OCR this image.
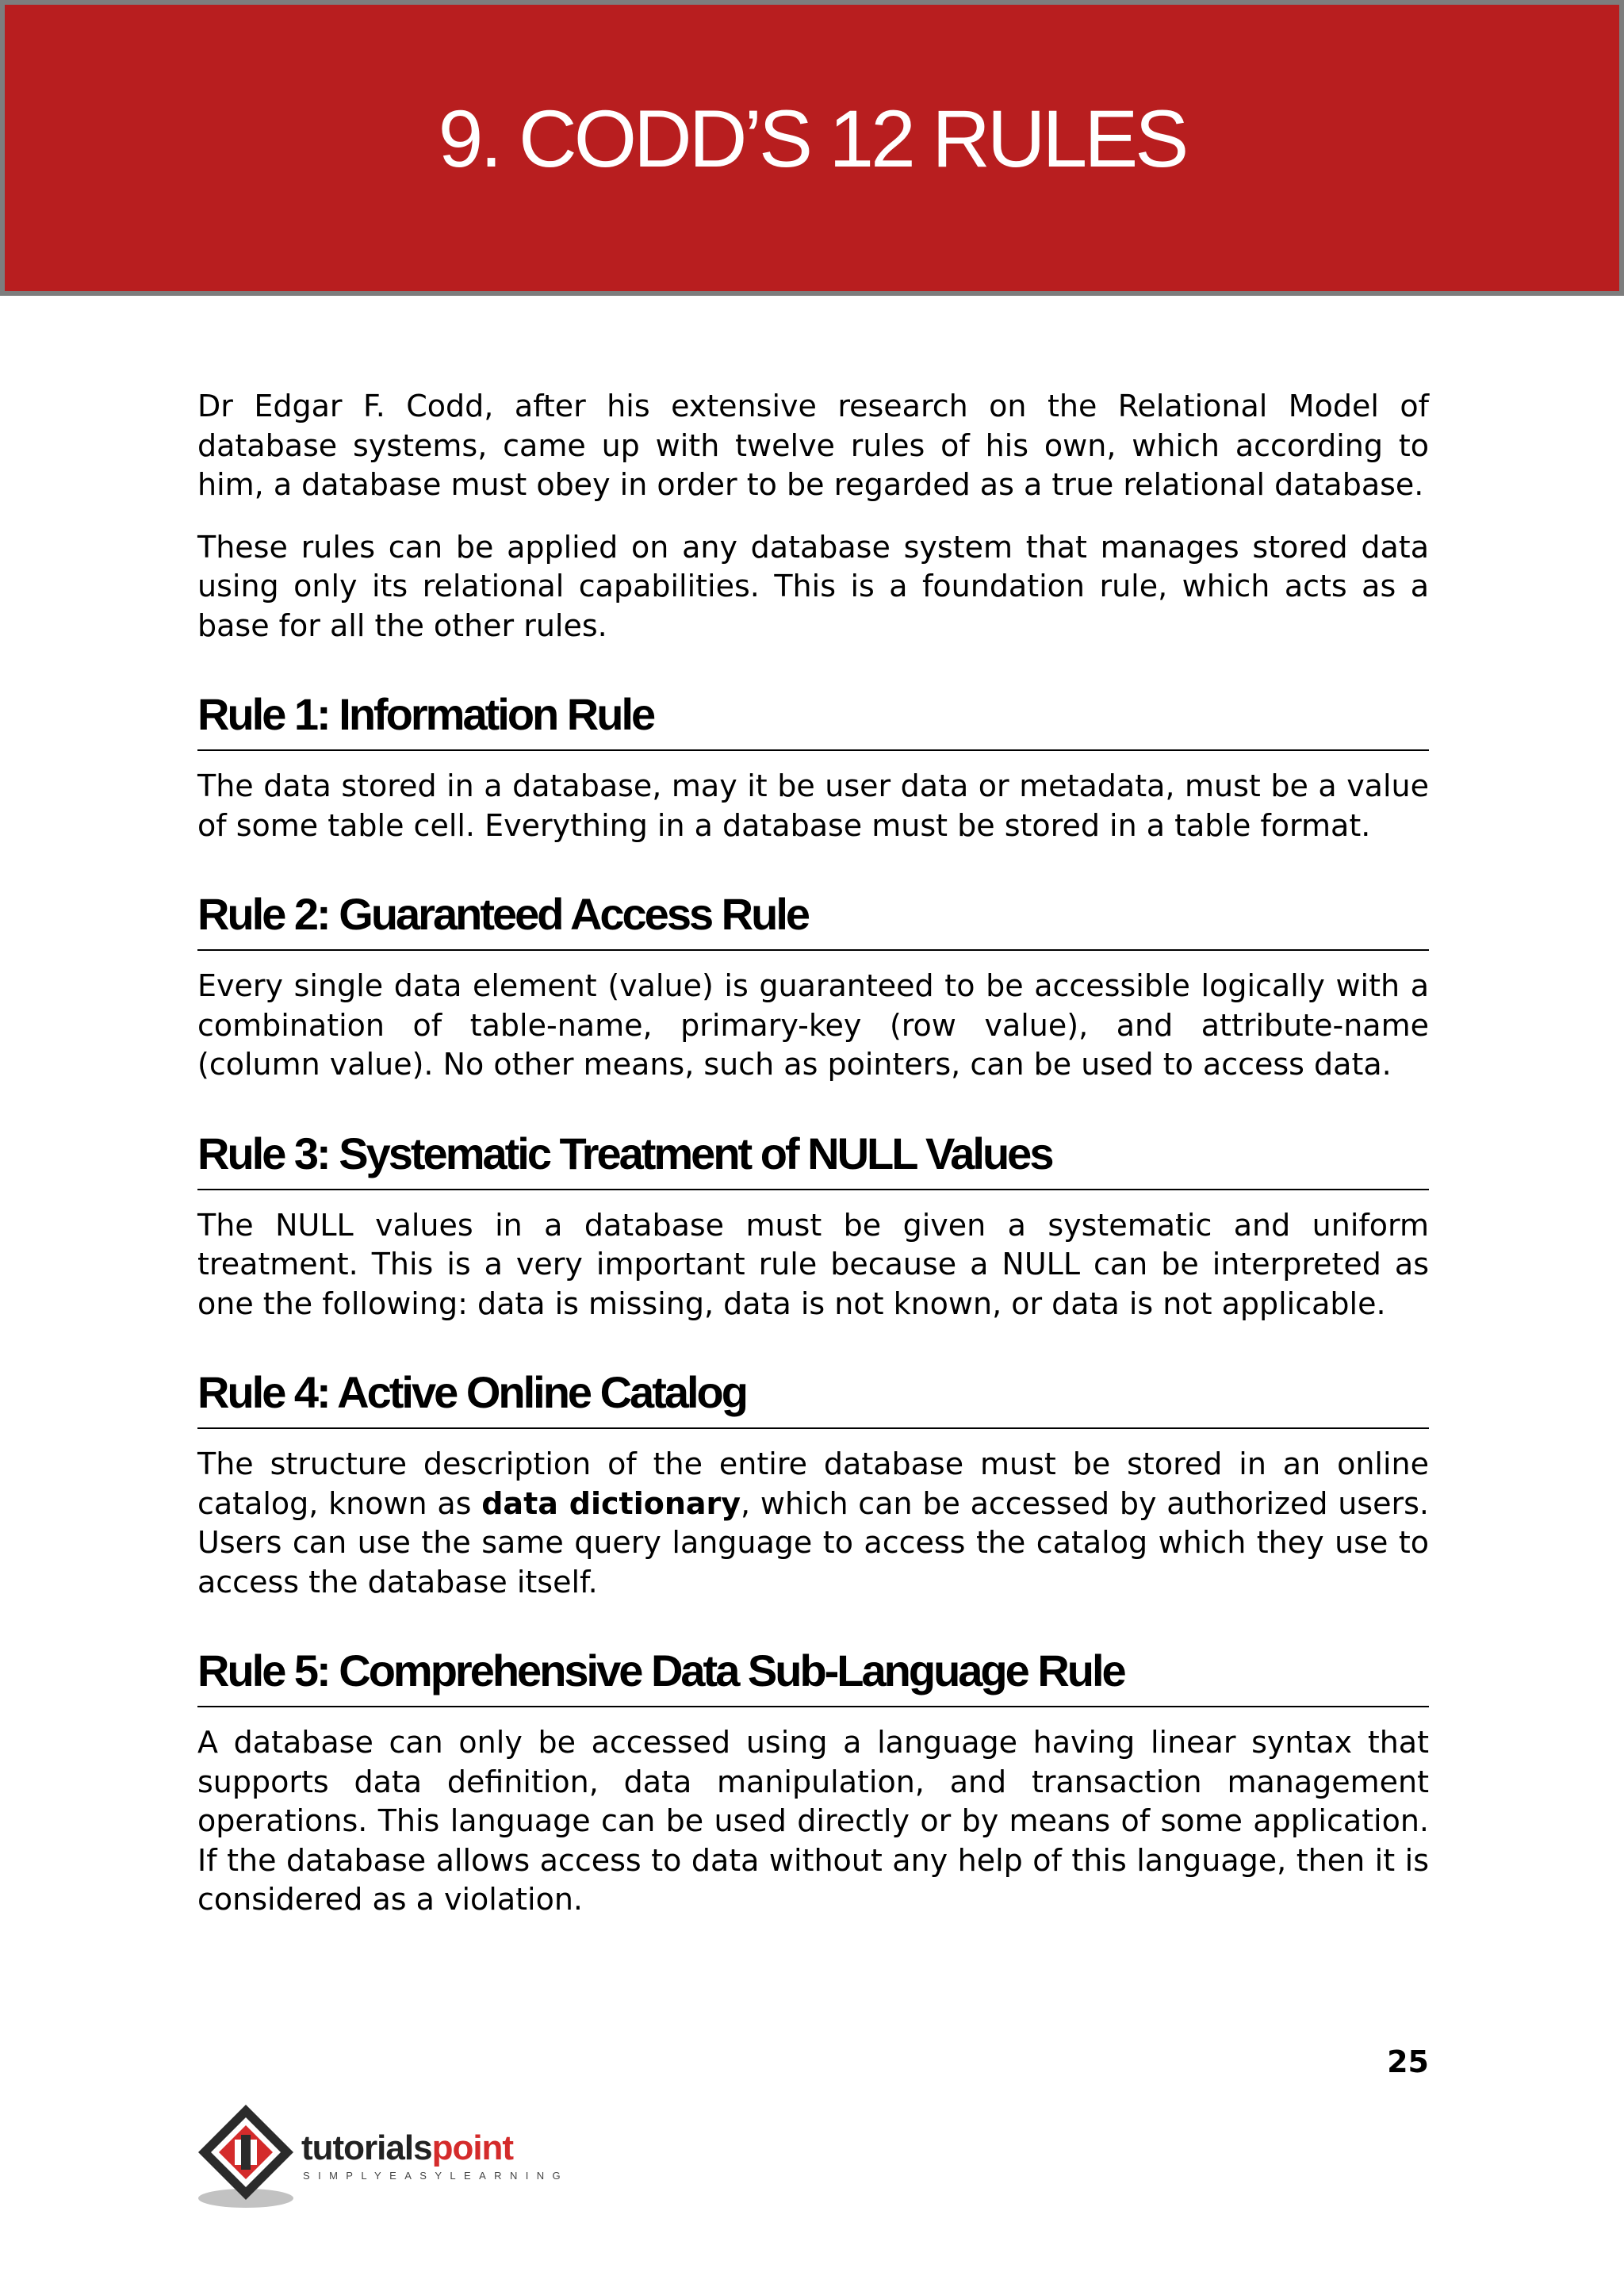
9. CODD’S 12 RULES

Dr Edgar F. Codd, after his extensive research on the Relational Model of database systems, came up with twelve rules of his own, which according to him, a database must obey in order to be regarded as a true relational database.

These rules can be applied on any database system that manages stored data using only its relational capabilities. This is a foundation rule, which acts as a base for all the other rules.

Rule 1: Information Rule

The data stored in a database, may it be user data or metadata, must be a value of some table cell. Everything in a database must be stored in a table format.

Rule 2: Guaranteed Access Rule

Every single data element (value) is guaranteed to be accessible logically with a combination of table-name, primary-key (row value), and attribute-name (column value). No other means, such as pointers, can be used to access data.

Rule 3: Systematic Treatment of NULL Values

The NULL values in a database must be given a systematic and uniform treatment. This is a very important rule because a NULL can be interpreted as one the following: data is missing, data is not known, or data is not applicable.

Rule 4: Active Online Catalog

The structure description of the entire database must be stored in an online catalog, known as data dictionary, which can be accessed by authorized users. Users can use the same query language to access the catalog which they use to access the database itself.

Rule 5: Comprehensive Data Sub-Language Rule

A database can only be accessed using a language having linear syntax that supports data definition, data manipulation, and transaction management operations. This language can be used directly or by means of some application. If the database allows access to data without any help of this language, then it is considered as a violation.

25
tutorialspoint
SIMPLYEASYLEARNING
